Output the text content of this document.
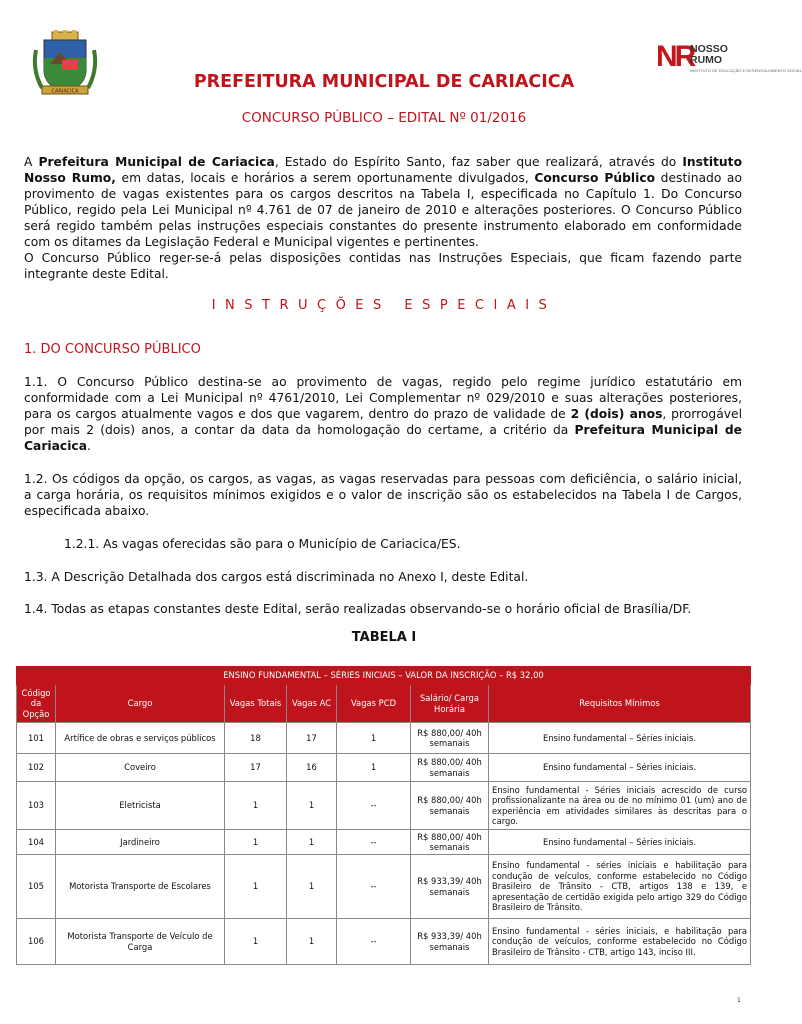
CARIACICA
NR
NOSSO
RUMO
INSTITUTO DE EDUCAÇÃO E DESENVOLVIMENTO SOCIAL
PREFEITURA MUNICIPAL DE CARIACICA
CONCURSO PÚBLICO – EDITAL Nº 01/2016

A Prefeitura Municipal de Cariacica, Estado do Espírito Santo, faz saber que realizará, através do Instituto Nosso Rumo, em datas, locais e horários a serem oportunamente divulgados, Concurso Público destinado ao provimento de vagas existentes para os cargos descritos na Tabela I, especificada no Capítulo 1. Do Concurso Público, regido pela Lei Municipal nº 4.761 de 07 de janeiro de 2010 e alterações posteriores. O Concurso Público será regido também pelas instruções especiais constantes do presente instrumento elaborado em conformidade com os ditames da Legislação Federal e Municipal vigentes e pertinentes.

O Concurso Público reger-se-á pelas disposições contidas nas Instruções Especiais, que ficam fazendo parte integrante deste Edital.

INSTRUÇÕES ESPECIAIS
1. DO CONCURSO PÚBLICO

1.1. O Concurso Público destina-se ao provimento de vagas, regido pelo regime jurídico estatutário em conformidade com a Lei Municipal nº 4761/2010, Lei Complementar nº 029/2010 e suas alterações posteriores, para os cargos atualmente vagos e dos que vagarem, dentro do prazo de validade de 2 (dois) anos, prorrogável por mais 2 (dois) anos, a contar da data da homologação do certame, a critério da Prefeitura Municipal de Cariacica.

1.2. Os códigos da opção, os cargos, as vagas, as vagas reservadas para pessoas com deficiência, o salário inicial, a carga horária, os requisitos mínimos exigidos e o valor de inscrição são os estabelecidos na Tabela I de Cargos, especificada abaixo.

1.2.1. As vagas oferecidas são para o Município de Cariacica/ES.

1.3. A Descrição Detalhada dos cargos está discriminada no Anexo I, deste Edital.

1.4. Todas as etapas constantes deste Edital, serão realizadas observando-se o horário oficial de Brasília/DF.

TABELA I
ENSINO FUNDAMENTAL – SÉRIES INICIAIS – VALOR DA INSCRIÇÃO – R$ 32,00						
Código da Opção	Cargo	Vagas Totais	Vagas AC	Vagas PCD	Salário/ Carga Horária	Requisitos Mínimos
101	Artífice de obras e serviços públicos	18	17	1	R$ 880,00/ 40h semanais	Ensino fundamental – Séries iniciais.
102	Coveiro	17	16	1	R$ 880,00/ 40h semanais	Ensino fundamental – Séries iniciais.
103	Eletricista	1	1	--	R$ 880,00/ 40h semanais	Ensino fundamental - Séries iniciais acrescido de curso profissionalizante na área ou de no mínimo 01 (um) ano de experiência em atividades similares às descritas para o cargo.
104	Jardineiro	1	1	--	R$ 880,00/ 40h semanais	Ensino fundamental – Séries iniciais.
105	Motorista Transporte de Escolares	1	1	--	R$ 933,39/ 40h semanais	Ensino fundamental - séries iniciais e habilitação para condução de veículos, conforme estabelecido no Código Brasileiro de Trânsito - CTB, artigos 138 e 139, e apresentação de certidão exigida pelo artigo 329 do Código Brasileiro de Trânsito.
106	Motorista Transporte de Veículo de Carga	1	1	--	R$ 933,39/ 40h semanais	Ensino fundamental - séries iniciais, e habilitação para condução de veículos, conforme estabelecido no Código Brasileiro de Trânsito - CTB, artigo 143, inciso III.
1
